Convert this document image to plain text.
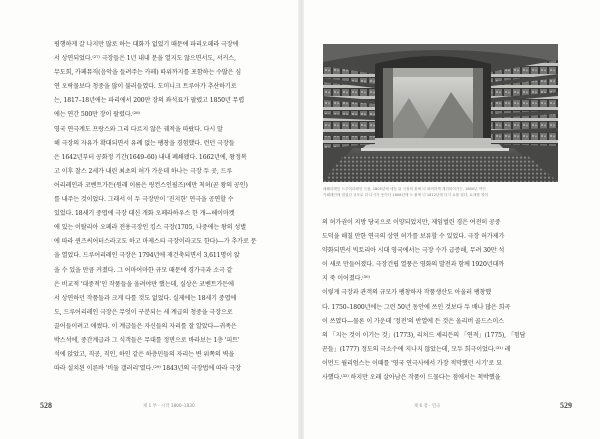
평행하게 갈 나지만 많로 하는 대화가 없었기 때문에 파리오페라 극장에
서 상연되었다.⁽²⁷⁾ 극장들은 1년 내내 문을 열지도 않으면서도, 서커스,
무도회, 카페뮤직(음악을 들려주는 카페) 따위까지를 포함하는 수많은 심
연 오락물보다 청중을 많이 불러들였다. 도미니크 트루아가 추산하기로
는, 1817–18년에는 파리에서 200만 장의 좌석표가 팔렸고 1850년 무렵
에는 연간 500만 장이 팔렸다.⁽²⁸⁾
영국 연극계도 프랑스와 그리 다르지 않은 궤적을 따랐다. 다시 말
해 극장의 자유가 확대되면서 유례 없는 팽창을 경험했다. 런던 극장들
은 1642년부터 공화정 기간(1649–60) 내내 폐쇄됐다. 1662년에, 왕정복
고 이후 찰스 2세가 내린 최초의 허가 가운데 하나는 극장 두 곳, 드루
어리레인과 코벤트가든(원래 이름은 링컨스인필즈)에만 칙허(곧 왕의 공인)
를 내주는 것이었다. 그래서 이 두 극장만이 '진지한' 연극을 공연할 수
있었다. 18세기 중엽에 극장 대신 개화 오페라하우스 한 개—헤이마켓
에 있는 이탈리아 오페라 전용극장인 킹스 극장(1705, 나중에는 왕의 성별
에 따라 퀸즈씨어터스라고도 하고 마제스티 극장이라고도 한다)—가 추가로 문
을 열었다. 드루어리레인 극장은 1794년에 재건축되면서 3,611명이 앉
을 수 있을 만큼 커졌다. 그 어마어마한 규모 때문에 경가극과 소극 같
은 비교적 '대중적'인 작품들을 올려야만 했는데, 실상은 코벤트가든에
서 상연하던 작품들과 크게 다를 것도 없었다. 실제에는 18세기 중엽에
도, 드루어리레인 극장은 무엇이 구분되는 세 계급의 청중을 극장으로
끌어들이려고 애썼다. 이 계급들은 자신들의 자리를 잘 알았다—귀족은
박스석에, 중간계급과 그 식객들은 무대를 정면으로 바라보는 1층 '피트'
석에 앉았고, 직공, 직인, 하인 같은 하층민들의 자리는 변 위쪽의 벽을
따라 설치된 이른바 '비둘 갤러리'였다.⁽²⁹⁾ 1843년의 극장법에 따라 극장
528	제 1 부 - 시작 1800–1830
매웨리레인 드루어리레인 극장, 1805년에 세운 뒤 극장의 물에 더 화려하게 재건되어가는, 1800년 여인
카페레인에 열었다 규모로 더 나시가 옷이다 1808년에 도 불에 더 1812년에 다시 요를 열다, 요새를 멸어
의 허가권이 지방 당국으로 이양되었지만, 제임벌린 경은 여전히 공중
도덕을 해칠 만한 연극의 상연 허가를 보류할 수 있었다. 극장 허가제가
약화되면서 빅토리아 시대 영국에서는 극장 수가 급증해, 무려 30만 석
이 새로 만들어졌다. 극장건립 열풍은 영화의 발전과 함께 1920년대까
지 죽 이어졌다.⁽³⁰⁾
이렇게 극장과 관객의 규모가 팽창하자 작품생산도 아울러 팽창했
다. 1750–1800년에는 그런 50년 동안에 쓰인 것보다 두 배나 많은 희곡
이 쓰였다—물론 이 가운데 '정전'의 반열에 든 것은 올리버 골드스미스
의 「지는 것이 이기는 것」(1773), 리처드 셰리든의 「연적」(1775), 「험담
꾼들」(1777) 정도의 극소수에 지나지 않았는데, 모두 희극이었다.⁽³¹⁾ 레
이먼드 윌리엄스는 이때를 '영국 연극사에서 가장 적막했던 시기'로 묘
사했다.⁽³²⁾ 하지만 오래 살아남은 작품이 드물다는 점에서는 척박했을
제 6 장 · 연극	529
